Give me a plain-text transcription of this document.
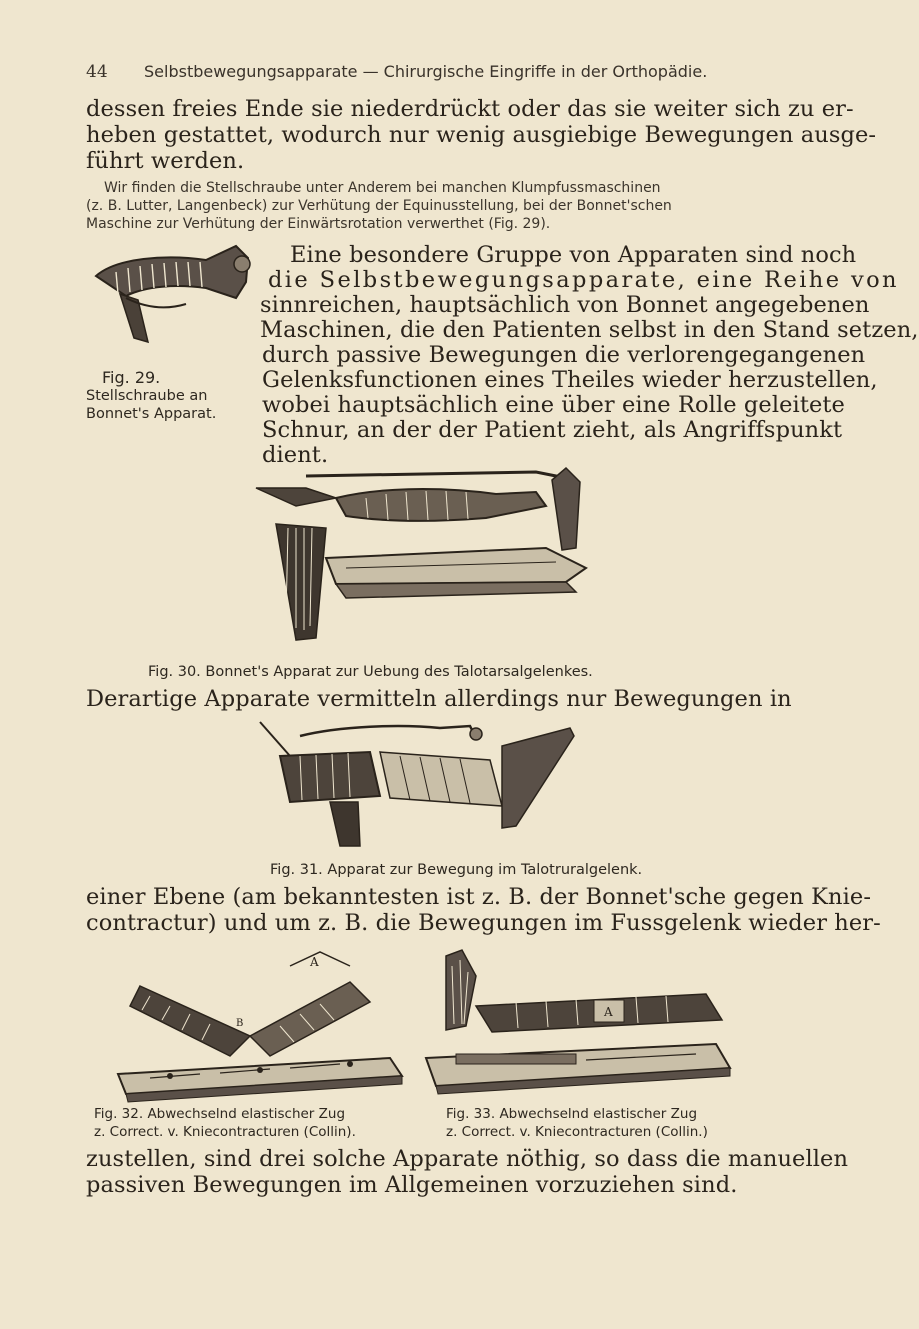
44 Selbstbewegungsapparate — Chirurgische Eingriffe in der Orthopädie.
dessen freies Ende sie niederdrückt oder das sie weiter sich zu er-
heben gestattet, wodurch nur wenig ausgiebige Bewegungen ausge-
führt werden.
Wir finden die Stellschraube unter Anderem bei manchen Klumpfussmaschinen
(z. B. Lutter, Langenbeck) zur Verhütung der Equinusstellung, bei der Bonnet'schen
Maschine zur Verhütung der Einwärtsrotation verwerthet (Fig. 29).
Fig. 29.
Stellschraube an
Bonnet's Apparat.
Eine besondere Gruppe von Apparaten sind noch
die Selbstbewegungsapparate, eine Reihe von
sinnreichen, hauptsächlich von Bonnet angegebenen
Maschinen, die den Patienten selbst in den Stand setzen,
durch passive Bewegungen die verlorengegangenen
Gelenksfunctionen eines Theiles wieder herzustellen,
wobei hauptsächlich eine über eine Rolle geleitete
Schnur, an der der Patient zieht, als Angriffspunkt
dient.
Fig. 30. Bonnet's Apparat zur Uebung des Talotarsalgelenkes.
Derartige Apparate vermitteln allerdings nur Bewegungen in
Fig. 31. Apparat zur Bewegung im Talotruralgelenk.
einer Ebene (am bekanntesten ist z. B. der Bonnet'sche gegen Knie-
contractur) und um z. B. die Bewegungen im Fussgelenk wieder her-
A
B
A
Fig. 32. Abwechselnd elastischer Zug
z. Correct. v. Kniecontracturen (Collin).
Fig. 33. Abwechselnd elastischer Zug
z. Correct. v. Kniecontracturen (Collin.)
zustellen, sind drei solche Apparate nöthig, so dass die manuellen
passiven Bewegungen im Allgemeinen vorzuziehen sind.
